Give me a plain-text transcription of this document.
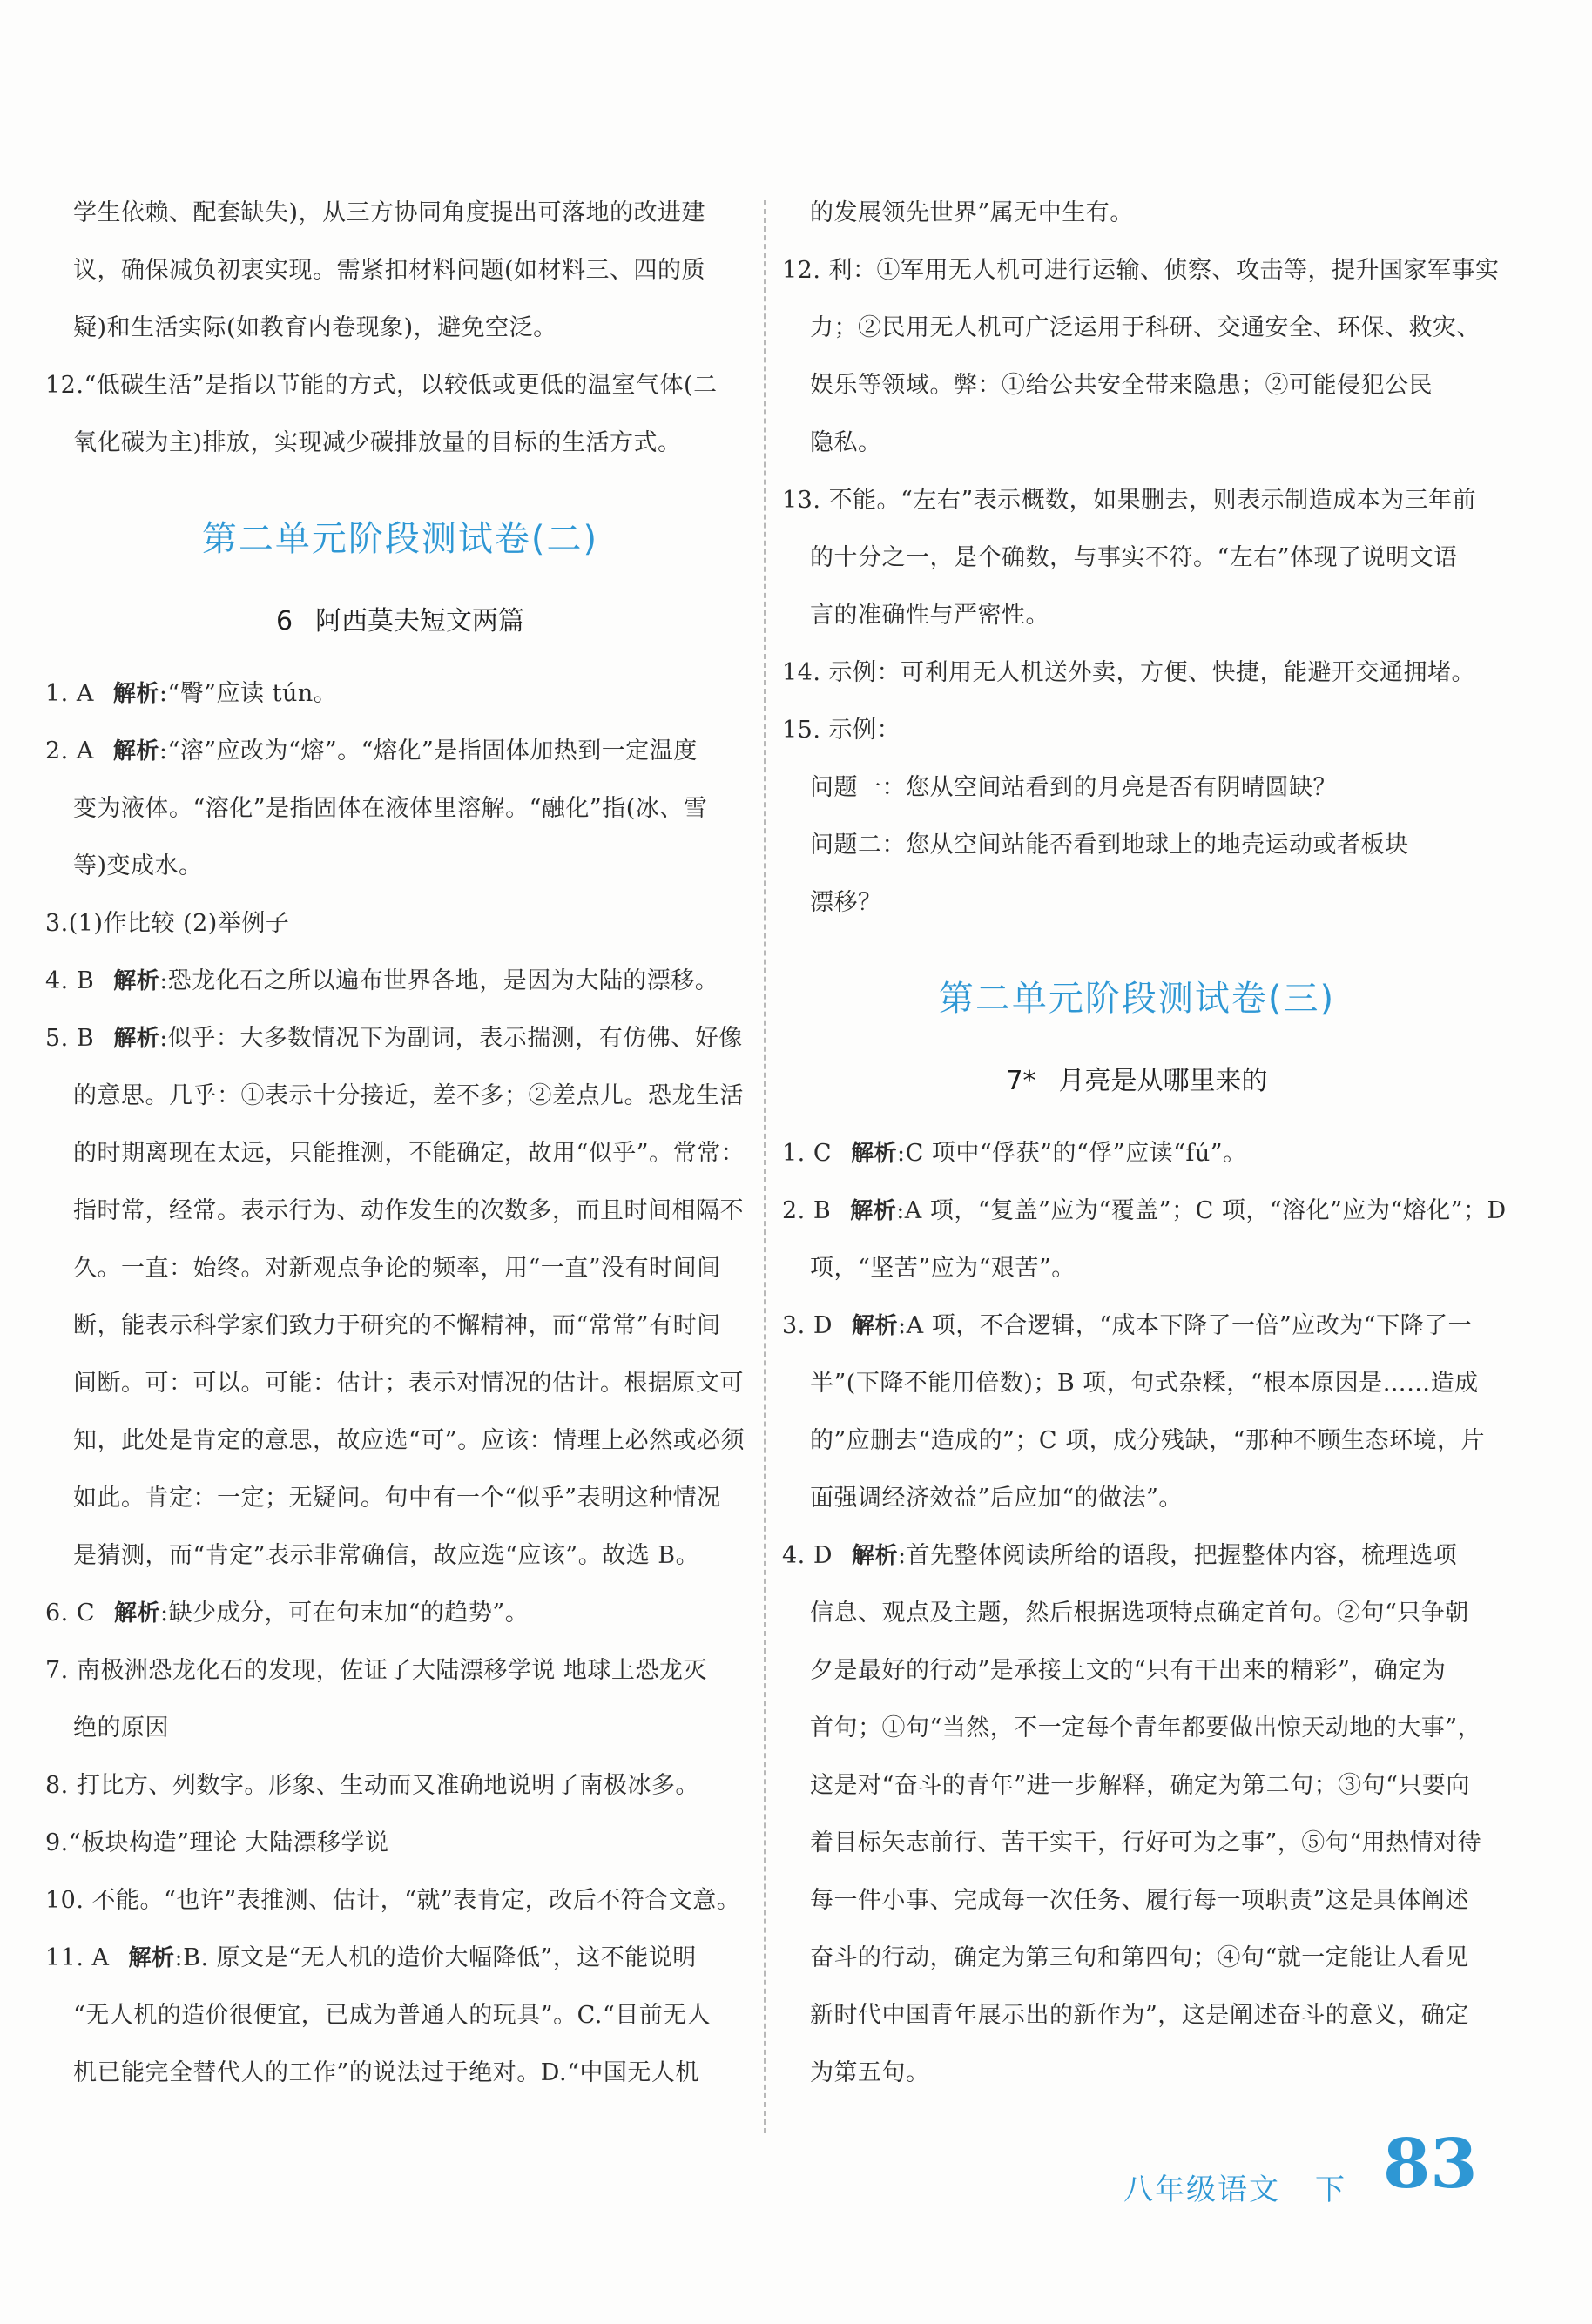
学生依赖、配套缺失)，从三方协同角度提出可落地的改进建
议，确保减负初衷实现。需紧扣材料问题(如材料三、四的质
疑)和生活实际(如教育内卷现象)，避免空泛。
12.“低碳生活”是指以节能的方式，以较低或更低的温室气体(二
氧化碳为主)排放，实现减少碳排放量的目标的生活方式。
第二单元阶段测试卷(二)
6 阿西莫夫短文两篇
1. A 解析:“臀”应读 tún。
2. A 解析:“溶”应改为“熔”。“熔化”是指固体加热到一定温度
变为液体。“溶化”是指固体在液体里溶解。“融化”指(冰、雪
等)变成水。
3.(1)作比较 (2)举例子
4. B 解析:恐龙化石之所以遍布世界各地，是因为大陆的漂移。
5. B 解析:似乎：大多数情况下为副词，表示揣测，有仿佛、好像
的意思。几乎：①表示十分接近，差不多；②差点儿。恐龙生活
的时期离现在太远，只能推测，不能确定，故用“似乎”。常常：
指时常，经常。表示行为、动作发生的次数多，而且时间相隔不
久。一直：始终。对新观点争论的频率，用“一直”没有时间间
断，能表示科学家们致力于研究的不懈精神，而“常常”有时间
间断。可：可以。可能：估计；表示对情况的估计。根据原文可
知，此处是肯定的意思，故应选“可”。应该：情理上必然或必须
如此。肯定：一定；无疑问。句中有一个“似乎”表明这种情况
是猜测，而“肯定”表示非常确信，故应选“应该”。故选 B。
6. C 解析:缺少成分，可在句末加“的趋势”。
7. 南极洲恐龙化石的发现，佐证了大陆漂移学说 地球上恐龙灭
绝的原因
8. 打比方、列数字。形象、生动而又准确地说明了南极冰多。
9.“板块构造”理论 大陆漂移学说
10. 不能。“也许”表推测、估计，“就”表肯定，改后不符合文意。
11. A 解析:B. 原文是“无人机的造价大幅降低”，这不能说明
“无人机的造价很便宜，已成为普通人的玩具”。C.“目前无人
机已能完全替代人的工作”的说法过于绝对。D.“中国无人机
的发展领先世界”属无中生有。
12. 利：①军用无人机可进行运输、侦察、攻击等，提升国家军事实
力；②民用无人机可广泛运用于科研、交通安全、环保、救灾、
娱乐等领域。弊：①给公共安全带来隐患；②可能侵犯公民
隐私。
13. 不能。“左右”表示概数，如果删去，则表示制造成本为三年前
的十分之一，是个确数，与事实不符。“左右”体现了说明文语
言的准确性与严密性。
14. 示例：可利用无人机送外卖，方便、快捷，能避开交通拥堵。
15. 示例：
问题一：您从空间站看到的月亮是否有阴晴圆缺？
问题二：您从空间站能否看到地球上的地壳运动或者板块
漂移？
第二单元阶段测试卷(三)
7* 月亮是从哪里来的
1. C 解析:C 项中“俘获”的“俘”应读“fú”。
2. B 解析:A 项，“复盖”应为“覆盖”；C 项，“溶化”应为“熔化”；D
项，“坚苦”应为“艰苦”。
3. D 解析:A 项，不合逻辑，“成本下降了一倍”应改为“下降了一
半”(下降不能用倍数)；B 项，句式杂糅，“根本原因是……造成
的”应删去“造成的”；C 项，成分残缺，“那种不顾生态环境，片
面强调经济效益”后应加“的做法”。
4. D 解析:首先整体阅读所给的语段，把握整体内容，梳理选项
信息、观点及主题，然后根据选项特点确定首句。②句“只争朝
夕是最好的行动”是承接上文的“只有干出来的精彩”，确定为
首句；①句“当然，不一定每个青年都要做出惊天动地的大事”，
这是对“奋斗的青年”进一步解释，确定为第二句；③句“只要向
着目标矢志前行、苦干实干，行好可为之事”，⑤句“用热情对待
每一件小事、完成每一次任务、履行每一项职责”这是具体阐述
奋斗的行动，确定为第三句和第四句；④句“就一定能让人看见
新时代中国青年展示出的新作为”，这是阐述奋斗的意义，确定
为第五句。
八年级语文 下 83
